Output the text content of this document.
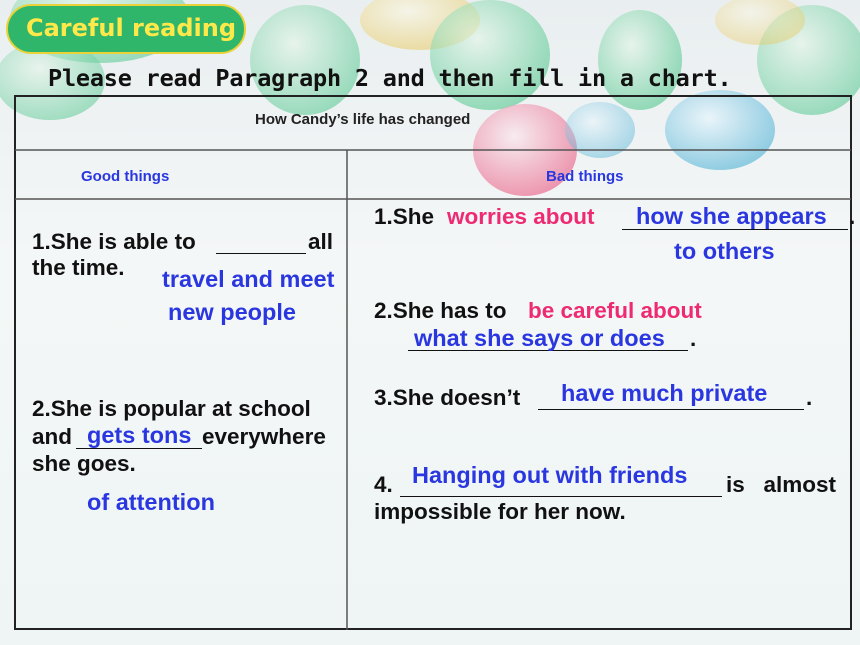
Careful reading
Please read Paragraph 2 and then fill in a chart.
How Candy’s life has changed
Good things	Bad things
1.She is able to	all
the time. travel and meet
new people
2.She is popular at school
and gets tons everywhere
she goes.
of attention
1.She worries about how she appears .
to others
2.She has to be careful about
what she says or does .
3.She doesn’t have much private .
4. Hanging out with friends is   almost
impossible for her now.
